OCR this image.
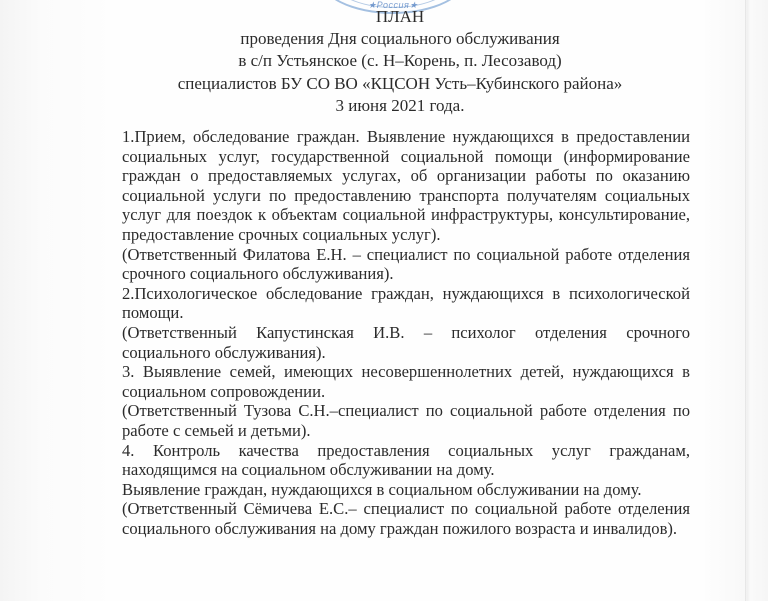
★Россия★
ПЛАН
проведения Дня социального обслуживания
в с/п Устьянское (с. Н–Корень, п. Лесозавод)
специалистов БУ СО ВО «КЦСОН Усть–Кубинского района»
3 июня 2021 года.

1.Прием, обследование граждан. Выявление нуждающихся в предоставлении социальных услуг, государственной социальной помощи (информирование граждан о предоставляемых услугах, об организации работы по оказанию социальной услуги по предоставлению транспорта получателям социальных услуг для поездок к объектам социальной инфраструктуры, консультирование, предоставление срочных социальных услуг).

(Ответственный Филатова Е.Н. – специалист по социальной работе отделения срочного социального обслуживания).

2.Психологическое обследование граждан, нуждающихся в психологической помощи.

(Ответственный Капустинская И.В. – психолог отделения срочного социального обслуживания).

3. Выявление семей, имеющих несовершеннолетних детей, нуждающихся в социальном сопровождении.

(Ответственный Тузова С.Н.–специалист по социальной работе отделения по работе с семьей и детьми).

4. Контроль качества предоставления социальных услуг гражданам, находящимся на социальном обслуживании на дому.

Выявление граждан, нуждающихся в социальном обслуживании на дому.

(Ответственный Сёмичева Е.С.– специалист по социальной работе отделения социального обслуживания на дому граждан пожилого возраста и инвалидов).
